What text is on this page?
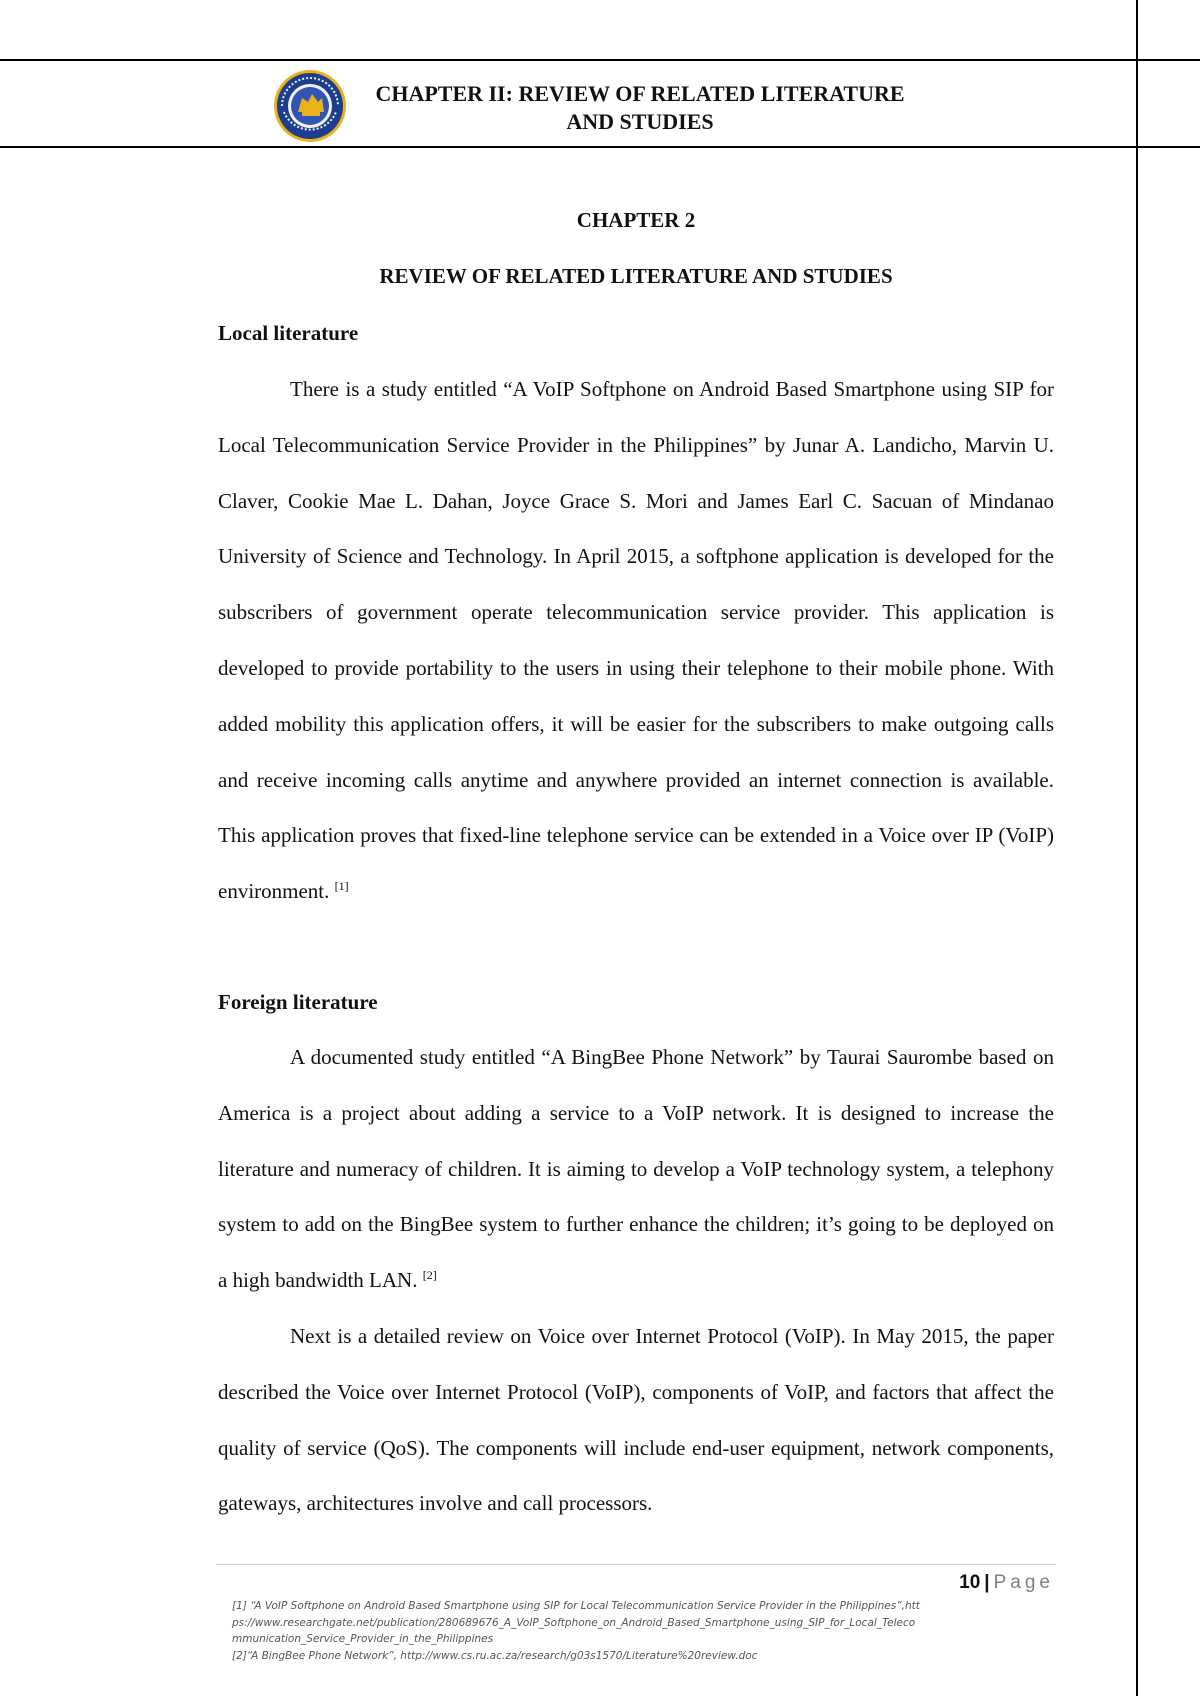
CHAPTER II: REVIEW OF RELATED LITERATURE
AND STUDIES
CHAPTER 2
REVIEW OF RELATED LITERATURE AND STUDIES
Local literature

There is a study entitled “A VoIP Softphone on Android Based Smartphone using SIP for Local Telecommunication Service Provider in the Philippines” by Junar A. Landicho, Marvin U. Claver, Cookie Mae L. Dahan, Joyce Grace S. Mori and James Earl C. Sacuan of Mindanao University of Science and Technology. In April 2015, a softphone application is developed for the subscribers of government operate telecommunication service provider. This application is developed to provide portability to the users in using their telephone to their mobile phone. With added mobility this application offers, it will be easier for the subscribers to make outgoing calls and receive incoming calls anytime and anywhere provided an internet connection is available. This application proves that fixed-line telephone service can be extended in a Voice over IP (VoIP) environment. [1]

Foreign literature

A documented study entitled “A BingBee Phone Network” by Taurai Saurombe based on America is a project about adding a service to a VoIP network. It is designed to increase the literature and numeracy of children. It is aiming to develop a VoIP technology system, a telephony system to add on the BingBee system to further enhance the children; it’s going to be deployed on a high bandwidth LAN. [2]

Next is a detailed review on Voice over Internet Protocol (VoIP). In May 2015, the paper described the Voice over Internet Protocol (VoIP), components of VoIP, and factors that affect the quality of service (QoS). The components will include end-user equipment, network components, gateways, architectures involve and call processors.

10 | Page
[1] “A VoIP Softphone on Android Based Smartphone using SIP for Local Telecommunication Service Provider in the Philippines”,https://www.researchgate.net/publication/280689676_A_VoIP_Softphone_on_Android_Based_Smartphone_using_SIP_for_Local_Telecommunication_Service_Provider_in_the_Philippines
[2]“A BingBee Phone Network”, http://www.cs.ru.ac.za/research/g03s1570/Literature%20review.doc
